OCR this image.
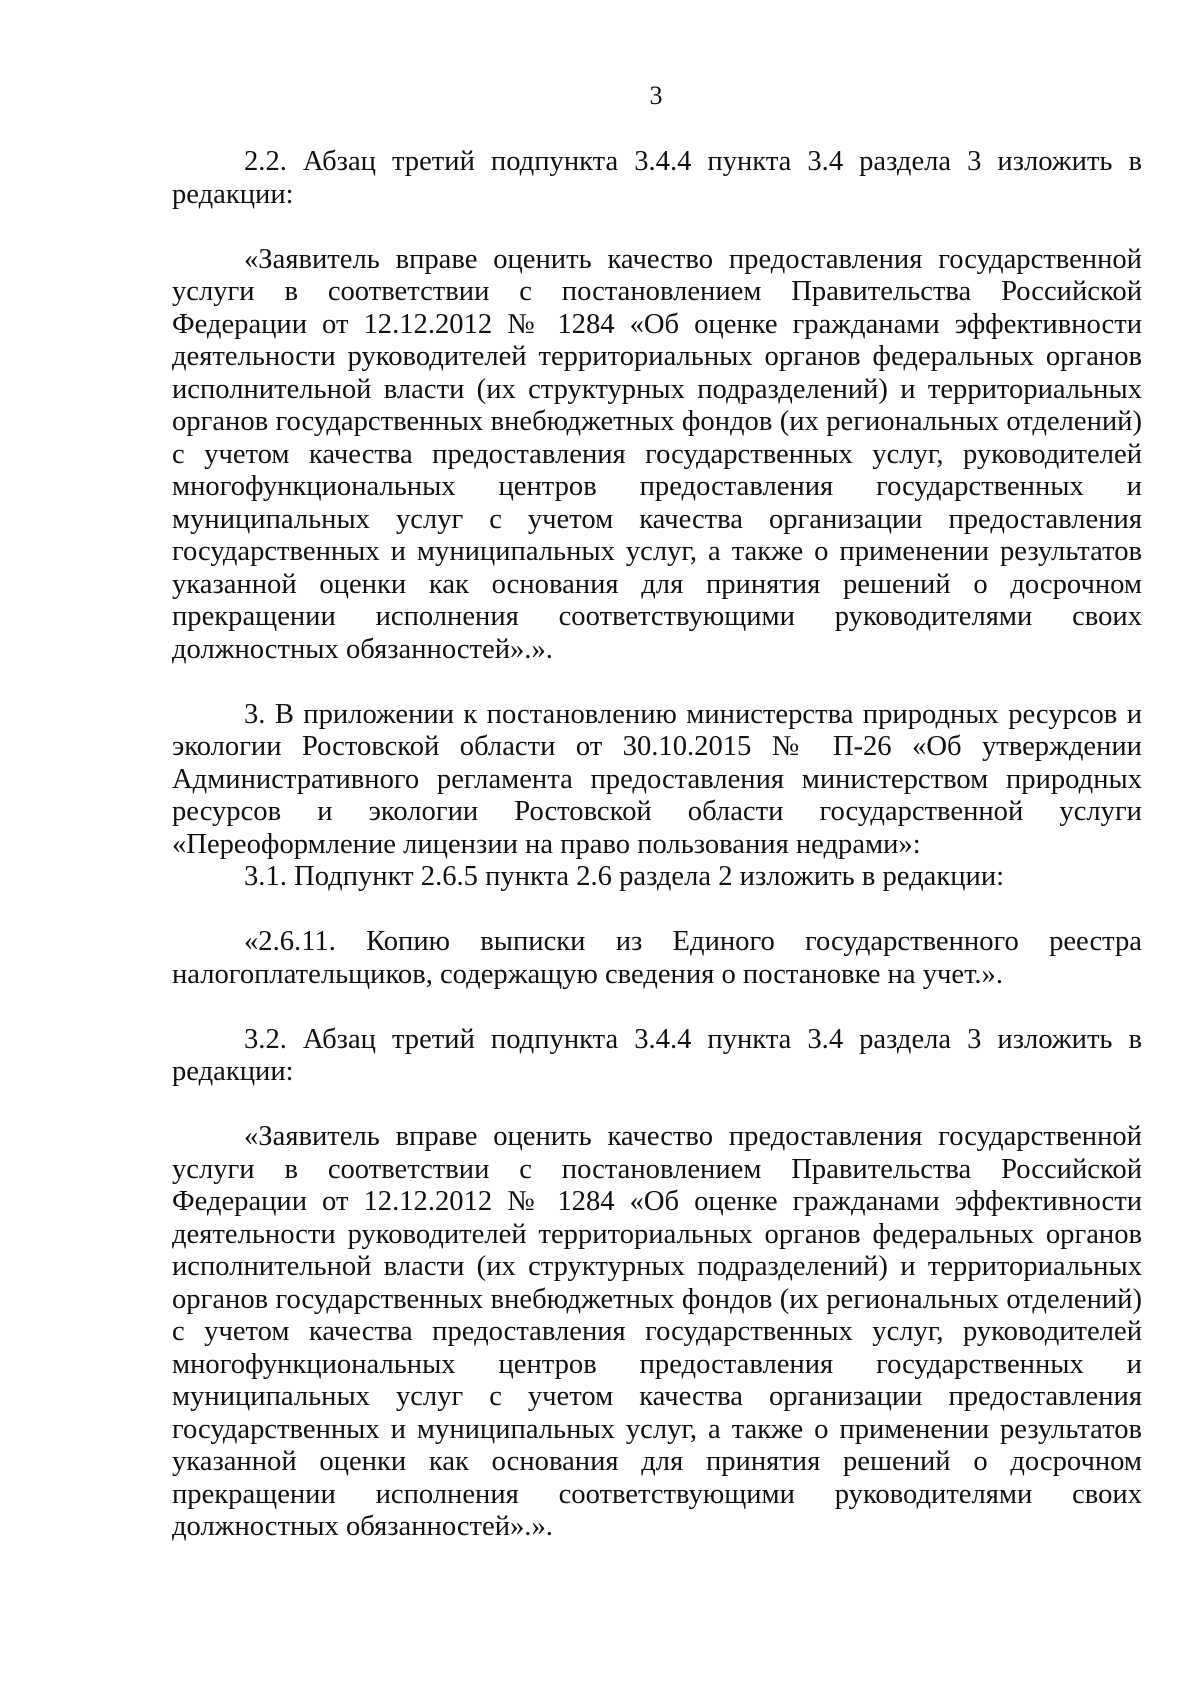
3

2.2. Абзац третий подпункта 3.4.4 пункта 3.4 раздела 3 изложить в редакции:

«Заявитель вправе оценить качество предоставления государственной услуги в соответствии с постановлением Правительства Российской Федерации от 12.12.2012 № 1284 «Об оценке гражданами эффективности деятельности руководителей территориальных органов федеральных органов исполнительной власти (их структурных подразделений) и территориальных органов государственных внебюджетных фондов (их региональных отделений) с учетом качества предоставления государственных услуг, руководителей многофункциональных центров предоставления государственных и муниципальных услуг с учетом качества организации предоставления государственных и муниципальных услуг, а также о применении результатов указанной оценки как основания для принятия решений о досрочном прекращении исполнения соответствующими руководителями своих должностных обязанностей».».

3. В приложении к постановлению министерства природных ресурсов и экологии Ростовской области от 30.10.2015 № П-26 «Об утверждении Административного регламента предоставления министерством природных ресурсов и экологии Ростовской области государственной услуги «Переоформление лицензии на право пользования недрами»:

3.1. Подпункт 2.6.5 пункта 2.6 раздела 2 изложить в редакции:

«2.6.11. Копию выписки из Единого государственного реестра налогоплательщиков, содержащую сведения о постановке на учет.».

3.2. Абзац третий подпункта 3.4.4 пункта 3.4 раздела 3 изложить в редакции:

«Заявитель вправе оценить качество предоставления государственной услуги в соответствии с постановлением Правительства Российской Федерации от 12.12.2012 № 1284 «Об оценке гражданами эффективности деятельности руководителей территориальных органов федеральных органов исполнительной власти (их структурных подразделений) и территориальных органов государственных внебюджетных фондов (их региональных отделений) с учетом качества предоставления государственных услуг, руководителей многофункциональных центров предоставления государственных и муниципальных услуг с учетом качества организации предоставления государственных и муниципальных услуг, а также о применении результатов указанной оценки как основания для принятия решений о досрочном прекращении исполнения соответствующими руководителями своих должностных обязанностей».».
